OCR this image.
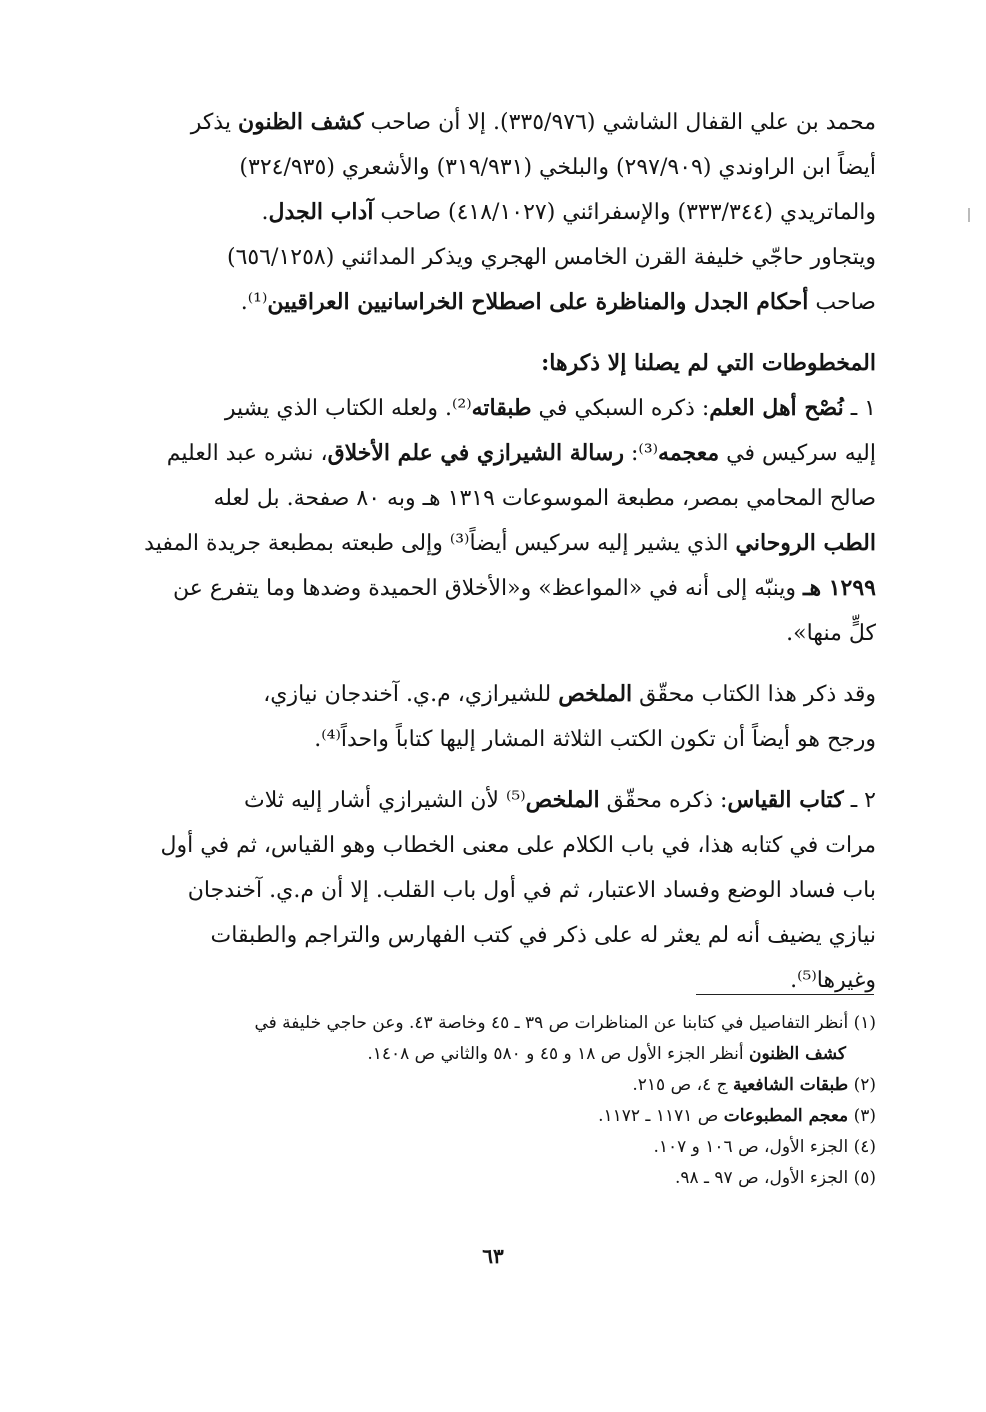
محمد بن علي القفال الشاشي (٣٣٥/٩٧٦). إلا أن صاحب كشف الظنون يذكر
أيضاً ابن الراوندي (٢٩٧/٩٠٩) والبلخي (٣١٩/٩٣١) والأشعري (٣٢٤/٩٣٥)
والماتريدي (٣٣٣/٣٤٤) والإسفرائني (٤١٨/١٠٢٧) صاحب آداب الجدل.
ويتجاور حاجّي خليفة القرن الخامس الهجري ويذكر المدائني (٦٥٦/١٢٥٨)
صاحب أحكام الجدل والمناظرة على اصطلاح الخراسانيين العراقيين⁽¹⁾.

المخطوطات التي لم يصلنا إلا ذكرها:
١ ـ نُصْح أهل العلم: ذكره السبكي في طبقاته⁽²⁾. ولعله الكتاب الذي يشير
إليه سركيس في معجمه⁽³⁾: رسالة الشيرازي في علم الأخلاق، نشره عبد العليم
صالح المحامي بمصر، مطبعة الموسوعات ١٣١٩ هـ وبه ٨٠ صفحة. بل لعله
الطب الروحاني الذي يشير إليه سركيس أيضاً⁽³⁾ وإلى طبعته بمطبعة جريدة المفيد
١٢٩٩ هـ وينبّه إلى أنه في «المواعظ» و«الأخلاق الحميدة وضدها وما يتفرع عن
كلٍّ منها».

وقد ذكر هذا الكتاب محقّق الملخص للشيرازي، م.ي. آخندجان نيازي،
ورجح هو أيضاً أن تكون الكتب الثلاثة المشار إليها كتاباً واحداً⁽⁴⁾.

٢ ـ كتاب القياس: ذكره محقّق الملخص⁽⁵⁾ لأن الشيرازي أشار إليه ثلاث
مرات في كتابه هذا، في باب الكلام على معنى الخطاب وهو القياس، ثم في أول
باب فساد الوضع وفساد الاعتبار، ثم في أول باب القلب. إلا أن م.ي. آخندجان
نيازي يضيف أنه لم يعثر له على ذكر في كتب الفهارس والتراجم والطبقات
وغيرها⁽⁵⁾.

(١) أنظر التفاصيل في كتابنا عن المناظرات ص ٣٩ ـ ٤٥ وخاصة ٤٣. وعن حاجي خليفة في
كشف الظنون أنظر الجزء الأول ص ١٨ و ٤٥ و ٥٨٠ والثاني ص ١٤٠٨.
(٢) طبقات الشافعية ج ٤، ص ٢١٥.
(٣) معجم المطبوعات ص ١١٧١ ـ ١١٧٢.
(٤) الجزء الأول، ص ١٠٦ و ١٠٧.
(٥) الجزء الأول، ص ٩٧ ـ ٩٨.
٦٣
